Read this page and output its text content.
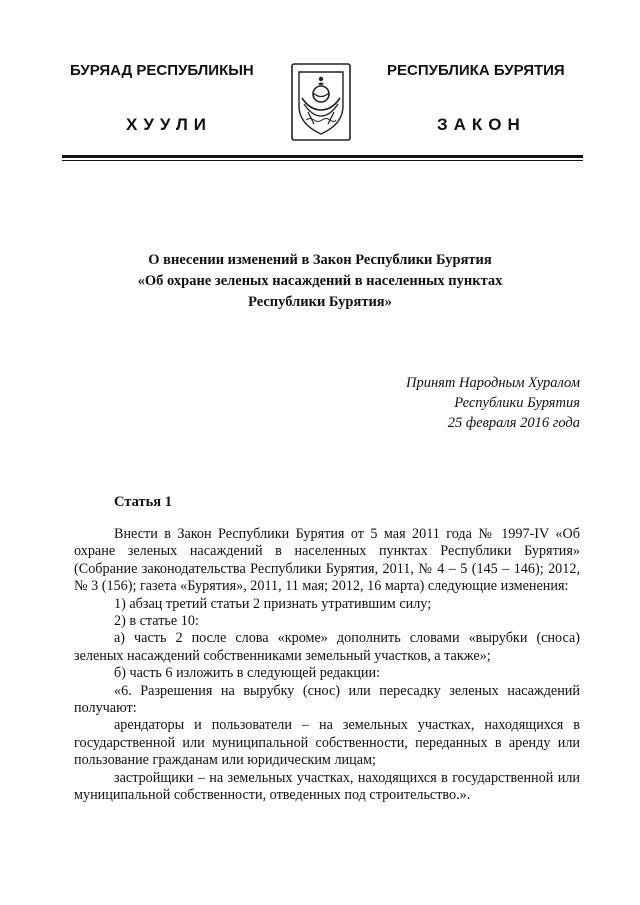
БУРЯАД РЕСПУБЛИКЫН	РЕСПУБЛИКА БУРЯТИЯ
ХУУЛИ	ЗАКОН
О внесении изменений в Закон Республики Бурятия
«Об охране зеленых насаждений в населенных пунктах
Республики Бурятия»
Принят Народным Хуралом
Республики Бурятия
25 февраля 2016 года
Статья 1

Внести в Закон Республики Бурятия от 5 мая 2011 года № 1997-IV «Об охране зеленых насаждений в населенных пунктах Республики Бурятия» (Собрание законодательства Республики Бурятия, 2011, № 4 – 5 (145 – 146); 2012, № 3 (156); газета «Бурятия», 2011, 11 мая; 2012, 16 марта) следующие изменения:

1) абзац третий статьи 2 признать утратившим силу;

2) в статье 10:

а) часть 2 после слова «кроме» дополнить словами «вырубки (сноса) зеленых насаждений собственниками земельный участков, а также»;

б) часть 6 изложить в следующей редакции:

«6. Разрешения на вырубку (снос) или пересадку зеленых насаждений получают:

арендаторы и пользователи – на земельных участках, находящихся в государственной или муниципальной собственности, переданных в аренду или пользование гражданам или юридическим лицам;

застройщики – на земельных участках, находящихся в государственной или муниципальной собственности, отведенных под строительство.».
